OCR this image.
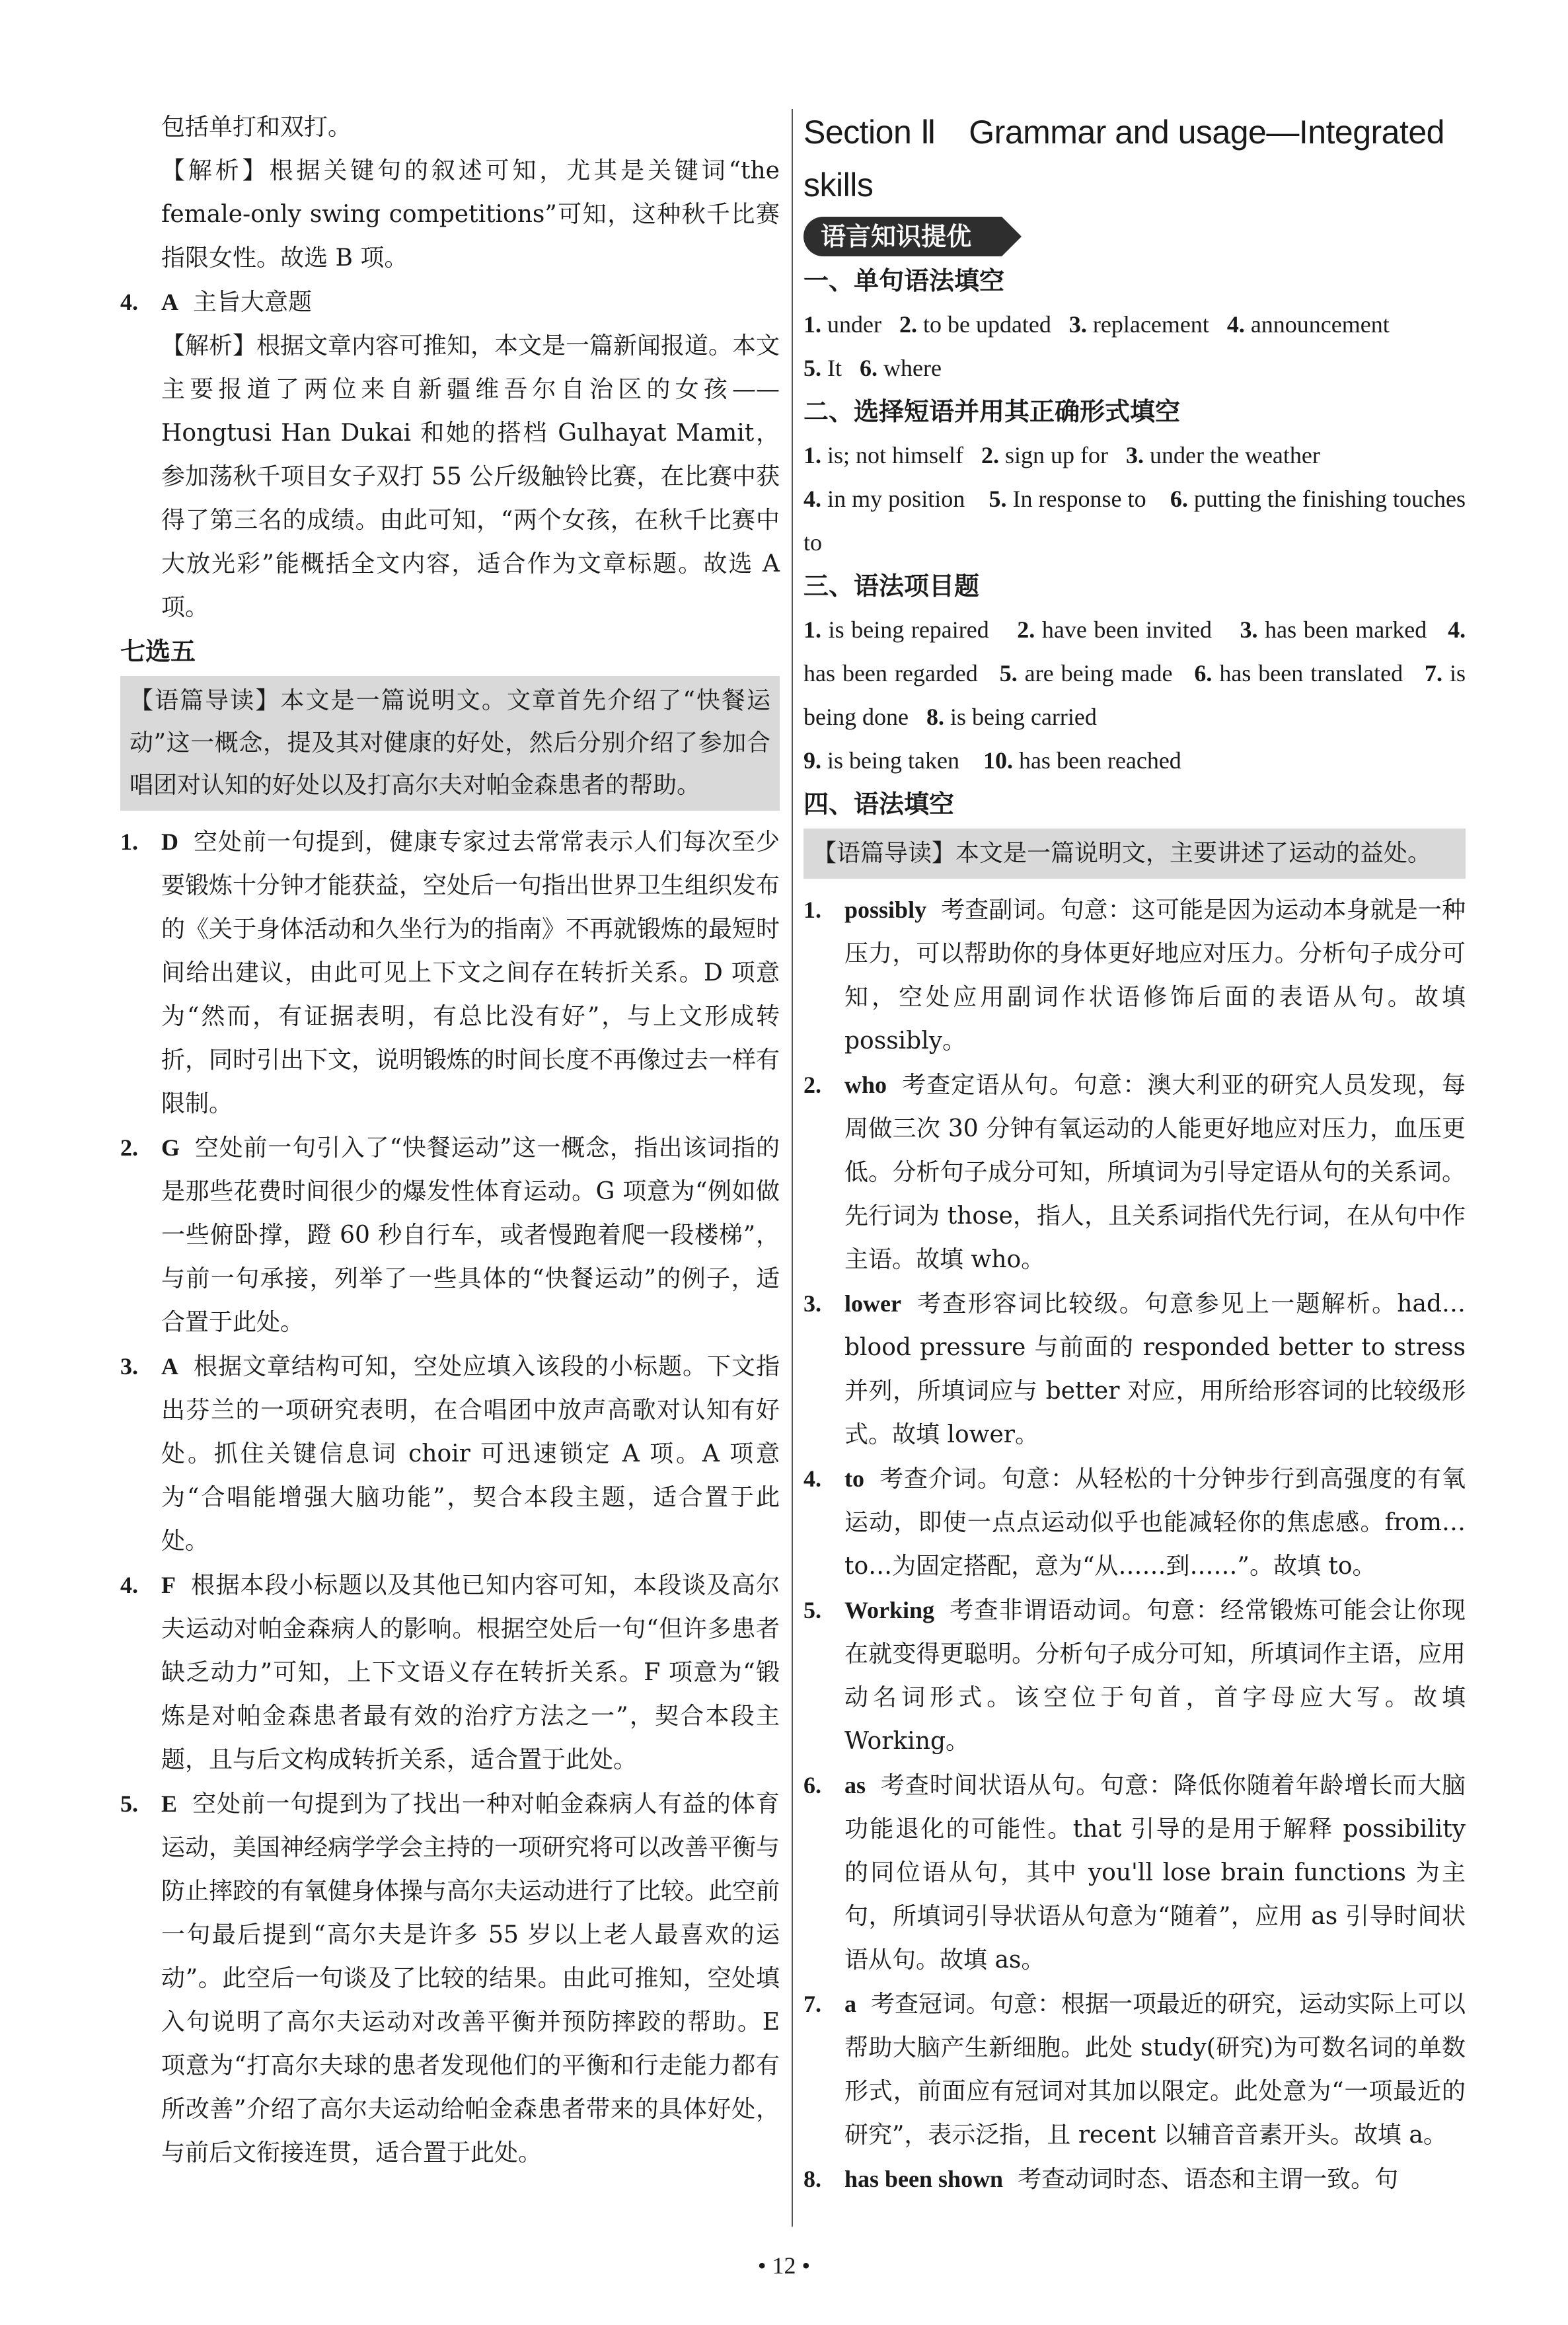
包括单打和双打。

【解析】根据关键句的叙述可知，尤其是关键词“the female-only swing competitions”可知，这种秋千比赛指限女性。故选 B 项。

4. A 主旨大意题

【解析】根据文章内容可推知，本文是一篇新闻报道。本文主要报道了两位来自新疆维吾尔自治区的女孩——Hongtusi Han Dukai 和她的搭档 Gulhayat Mamit，参加荡秋千项目女子双打 55 公斤级触铃比赛，在比赛中获得了第三名的成绩。由此可知，“两个女孩，在秋千比赛中大放光彩”能概括全文内容，适合作为文章标题。故选 A 项。

七选五

【语篇导读】本文是一篇说明文。文章首先介绍了“快餐运动”这一概念，提及其对健康的好处，然后分别介绍了参加合唱团对认知的好处以及打高尔夫对帕金森患者的帮助。

1. D 空处前一句提到，健康专家过去常常表示人们每次至少要锻炼十分钟才能获益，空处后一句指出世界卫生组织发布的《关于身体活动和久坐行为的指南》不再就锻炼的最短时间给出建议，由此可见上下文之间存在转折关系。D 项意为“然而，有证据表明，有总比没有好”，与上文形成转折，同时引出下文，说明锻炼的时间长度不再像过去一样有限制。

2. G 空处前一句引入了“快餐运动”这一概念，指出该词指的是那些花费时间很少的爆发性体育运动。G 项意为“例如做一些俯卧撑，蹬 60 秒自行车，或者慢跑着爬一段楼梯”，与前一句承接，列举了一些具体的“快餐运动”的例子，适合置于此处。

3. A 根据文章结构可知，空处应填入该段的小标题。下文指出芬兰的一项研究表明，在合唱团中放声高歌对认知有好处。抓住关键信息词 choir 可迅速锁定 A 项。A 项意为“合唱能增强大脑功能”，契合本段主题，适合置于此处。

4. F 根据本段小标题以及其他已知内容可知，本段谈及高尔夫运动对帕金森病人的影响。根据空处后一句“但许多患者缺乏动力”可知，上下文语义存在转折关系。F 项意为“锻炼是对帕金森患者最有效的治疗方法之一”，契合本段主题，且与后文构成转折关系，适合置于此处。

5. E 空处前一句提到为了找出一种对帕金森病人有益的体育运动，美国神经病学学会主持的一项研究将可以改善平衡与防止摔跤的有氧健身体操与高尔夫运动进行了比较。此空前一句最后提到“高尔夫是许多 55 岁以上老人最喜欢的运动”。此空后一句谈及了比较的结果。由此可推知，空处填入句说明了高尔夫运动对改善平衡并预防摔跤的帮助。E 项意为“打高尔夫球的患者发现他们的平衡和行走能力都有所改善”介绍了高尔夫运动给帕金森患者带来的具体好处，与前后文衔接连贯，适合置于此处。

Section Ⅱ　Grammar and usage—Integrated skills

语言知识提优

一、单句语法填空

1. under 2. to be updated 3. replacement 4. announcement

5. It 6. where

二、选择短语并用其正确形式填空

1. is; not himself 2. sign up for 3. under the weather
4. in my position 5. In response to 6. putting the finishing touches to

三、语法项目题

1. is being repaired 2. have been invited 3. has been marked 4. has been regarded 5. are being made 6. has been translated 7. is being done 8. is being carried
9. is being taken 10. has been reached

四、语法填空

【语篇导读】本文是一篇说明文，主要讲述了运动的益处。

1. possibly 考查副词。句意：这可能是因为运动本身就是一种压力，可以帮助你的身体更好地应对压力。分析句子成分可知，空处应用副词作状语修饰后面的表语从句。故填 possibly。

2. who 考查定语从句。句意：澳大利亚的研究人员发现，每周做三次 30 分钟有氧运动的人能更好地应对压力，血压更低。分析句子成分可知，所填词为引导定语从句的关系词。先行词为 those，指人，且关系词指代先行词，在从句中作主语。故填 who。

3. lower 考查形容词比较级。句意参见上一题解析。had… blood pressure 与前面的 responded better to stress 并列，所填词应与 better 对应，用所给形容词的比较级形式。故填 lower。

4. to 考查介词。句意：从轻松的十分钟步行到高强度的有氧运动，即使一点点运动似乎也能减轻你的焦虑感。from… to…为固定搭配，意为“从……到……”。故填 to。

5. Working 考查非谓语动词。句意：经常锻炼可能会让你现在就变得更聪明。分析句子成分可知，所填词作主语，应用动名词形式。该空位于句首，首字母应大写。故填 Working。

6. as 考查时间状语从句。句意：降低你随着年龄增长而大脑功能退化的可能性。that 引导的是用于解释 possibility 的同位语从句，其中 you'll lose brain functions 为主句，所填词引导状语从句意为“随着”，应用 as 引导时间状语从句。故填 as。

7. a 考查冠词。句意：根据一项最近的研究，运动实际上可以帮助大脑产生新细胞。此处 study(研究)为可数名词的单数形式，前面应有冠词对其加以限定。此处意为“一项最近的研究”，表示泛指，且 recent 以辅音音素开头。故填 a。

8. has been shown 考查动词时态、语态和主谓一致。句

• 12 •
